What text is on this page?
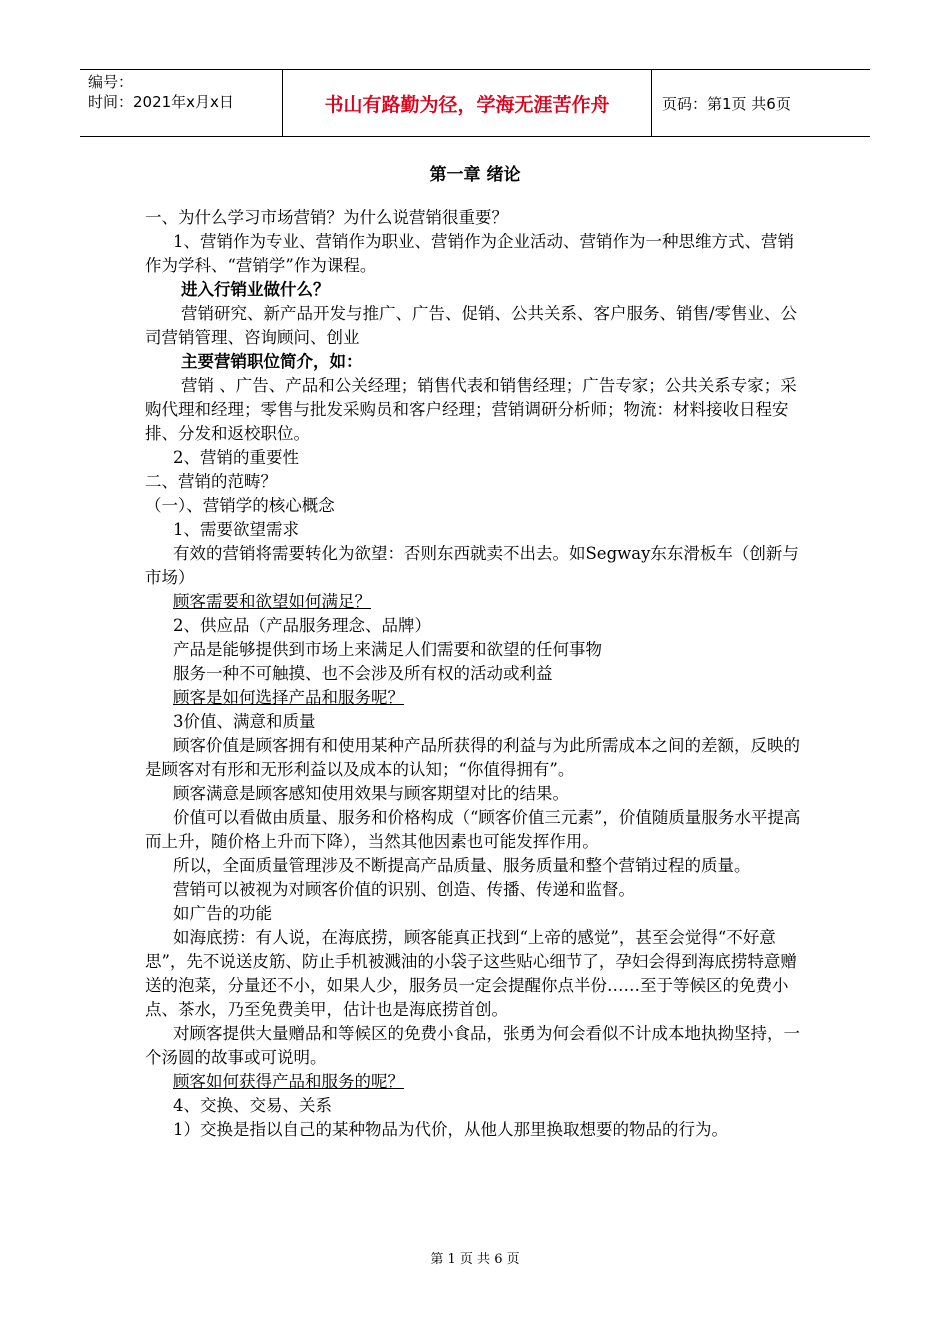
编号：
时间：2021年x月x日	书山有路勤为径，学海无涯苦作舟	页码：第1页 共6页
第一章 绪论

一、为什么学习市场营销？为什么说营销很重要？

1、营销作为专业、营销作为职业、营销作为企业活动、营销作为一种思维方式、营销作为学科、“营销学”作为课程。

进入行销业做什么？

营销研究、新产品开发与推广、广告、促销、公共关系、客户服务、销售/零售业、公司营销管理、咨询顾问、创业

主要营销职位简介，如：

营销 、广告、产品和公关经理；销售代表和销售经理；广告专家；公共关系专家；采购代理和经理；零售与批发采购员和客户经理；营销调研分析师；物流：材料接收日程安排、分发和返校职位。

2、营销的重要性

二、营销的范畴？

（一）、营销学的核心概念

1、需要欲望需求

有效的营销将需要转化为欲望：否则东西就卖不出去。如Segway东东滑板车（创新与市场）

顾客需要和欲望如何满足？

2、供应品（产品服务理念、品牌）

产品是能够提供到市场上来满足人们需要和欲望的任何事物

服务一种不可触摸、也不会涉及所有权的活动或利益

顾客是如何选择产品和服务呢？

3价值、满意和质量

顾客价值是顾客拥有和使用某种产品所获得的利益与为此所需成本之间的差额，反映的是顾客对有形和无形利益以及成本的认知；“你值得拥有”。

顾客满意是顾客感知使用效果与顾客期望对比的结果。

价值可以看做由质量、服务和价格构成（“顾客价值三元素”，价值随质量服务水平提高而上升，随价格上升而下降），当然其他因素也可能发挥作用。

所以，全面质量管理涉及不断提高产品质量、服务质量和整个营销过程的质量。

营销可以被视为对顾客价值的识别、创造、传播、传递和监督。

如广告的功能

如海底捞：有人说，在海底捞，顾客能真正找到“上帝的感觉”，甚至会觉得“不好意思”，先不说送皮筋、防止手机被溅油的小袋子这些贴心细节了，孕妇会得到海底捞特意赠送的泡菜，分量还不小，如果人少，服务员一定会提醒你点半份……至于等候区的免费小点、茶水，乃至免费美甲，估计也是海底捞首创。

对顾客提供大量赠品和等候区的免费小食品，张勇为何会看似不计成本地执拗坚持，一个汤圆的故事或可说明。

顾客如何获得产品和服务的呢？

4、交换、交易、关系

1）交换是指以自己的某种物品为代价，从他人那里换取想要的物品的行为。

第 1 页 共 6 页
